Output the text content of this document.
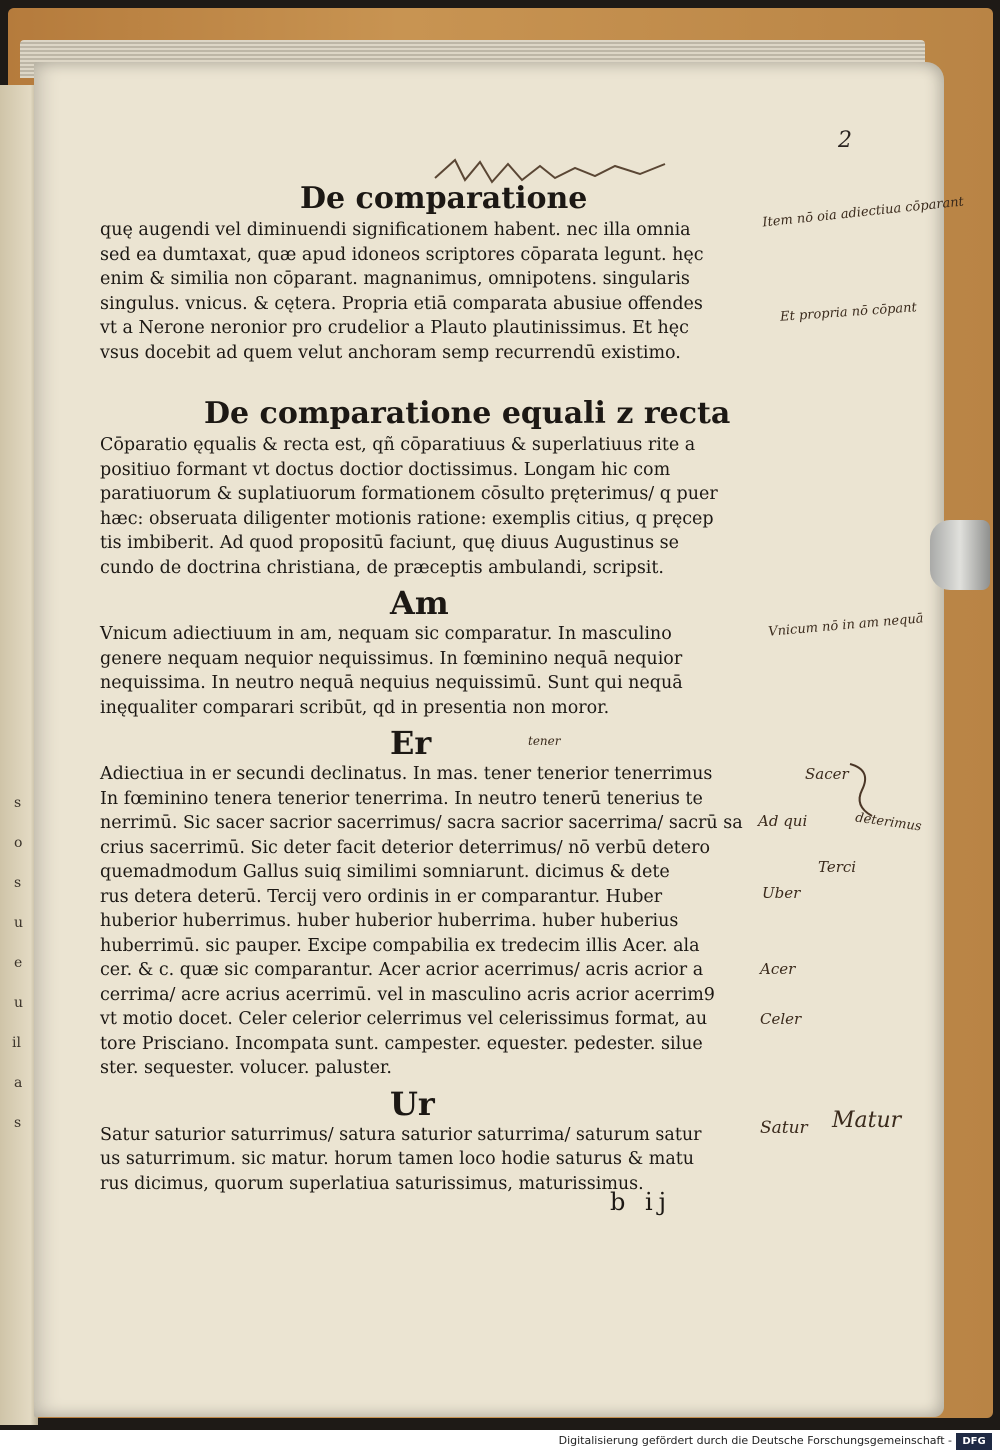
s
o
s
u
e
u
il
a
s
2
De comparatione

quę augendi vel diminuendi significationem habent. nec illa omnia
sed ea dumtaxat, quæ apud idoneos scriptores cōparata legunt. hęc
enim & similia non cōparant. magnanimus, omnipotens. singularis
singulus. vnicus. & cętera. Propria etiā comparata abusiue offendes
vt a Nerone neronior pro crudelior a Plauto plautinissimus. Et hęc
vsus docebit ad quem velut anchoram semp recurrendū existimo.

De comparatione equali z recta

Cōparatio ęqualis & recta est, qñ cōparatiuus & superlatiuus rite a
positiuo formant vt doctus doctior doctissimus. Longam hic com
paratiuorum & suplatiuorum formationem cōsulto pręterimus/ q puer
hæc: obseruata diligenter motionis ratione: exemplis citius, q pręcep
tis imbiberit. Ad quod propositū faciunt, quę diuus Augustinus se
cundo de doctrina christiana, de præceptis ambulandi, scripsit.

Am

Vnicum adiectiuum in am, nequam sic comparatur. In masculino
genere nequam nequior nequissimus. In fœminino nequā nequior
nequissima. In neutro nequā nequius nequissimū. Sunt qui nequā
inęqualiter comparari scribūt, qd in presentia non moror.

Er

Adiectiua in er secundi declinatus. In mas. tener tenerior tenerrimus
In fœminino tenera tenerior tenerrima. In neutro tenerū tenerius te
nerrimū. Sic sacer sacrior sacerrimus/ sacra sacrior sacerrima/ sacrū sa
crius sacerrimū. Sic deter facit deterior deterrimus/ nō verbū detero
quemadmodum Gallus suiq similimi somniarunt. dicimus & dete
rus detera deterū. Tercij vero ordinis in er comparantur. Huber
huberior huberrimus. huber huberior huberrima. huber huberius
huberrimū. sic pauper. Excipe compabilia ex tredecim illis Acer. ala
cer. & c. quæ sic comparantur. Acer acrior acerrimus/ acris acrior a
cerrima/ acre acrius acerrimū. vel in masculino acris acrior acerrim9
vt motio docet. Celer celerior celerrimus vel celerissimus format, au
tore Prisciano. Incompata sunt. campester. equester. pedester. silue
ster. sequester. volucer. paluster.

Ur

Satur saturior saturrimus/ satura saturior saturrima/ saturum satur
us saturrimum. sic matur. horum tamen loco hodie saturus & matu
rus dicimus, quorum superlatiua saturissimus, maturissimus.

b ij
Item nō oia adiectiua cōparant
Et propria nō cōpant
Vnicum nō in am nequā
tener
Sacer
Ad qui	deterimus
Terci
Uber
Acer
Celer
Satur Matur
Digitalisierung gefördert durch die Deutsche Forschungsgemeinschaft -	DFG
